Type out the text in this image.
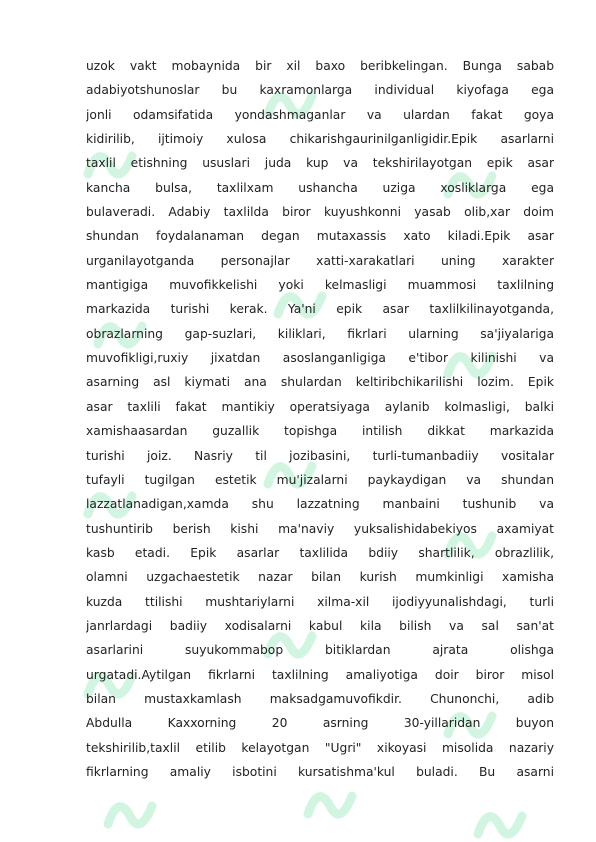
uzok vakt mobaynida bir xil baxo beribkelingan. Bunga sabab
adabiyotshunoslar bu kaxramonlarga individual kiyofaga ega
jonli odamsifatida yondashmaganlar va ulardan fakat goya
kidirilib, ijtimoiy xulosa chikarishgaurinilganligidir.Epik asarlarni
taxlil etishning ususlari juda kup va tekshirilayotgan epik asar
kancha bulsa, taxlilxam ushancha uziga xosliklarga ega
bulaveradi. Adabiy taxlilda biror kuyushkonni yasab olib,xar doim
shundan foydalanaman degan mutaxassis xato kiladi.Epik asar
urganilayotganda personajlar xatti-xarakatlari uning xarakter
mantigiga muvofikkelishi yoki kelmasligi muammosi taxlilning
markazida turishi kerak. Ya'ni epik asar taxlilkilinayotganda,
obrazlarning gap-suzlari, kiliklari, fikrlari ularning sa'jiyalariga
muvofikligi,ruxiy jixatdan asoslanganligiga e'tibor kilinishi va
asarning asl kiymati ana shulardan keltiribchikarilishi lozim. Epik
asar taxlili fakat mantikiy operatsiyaga aylanib kolmasligi, balki
xamishaasardan guzallik topishga intilish dikkat markazida
turishi joiz. Nasriy til jozibasini, turli-tumanbadiiy vositalar
tufayli tugilgan estetik mu'jizalarni paykaydigan va shundan
lazzatlanadigan,xamda shu lazzatning manbaini tushunib va
tushuntirib berish kishi ma'naviy yuksalishidabekiyos axamiyat
kasb etadi. Epik asarlar taxlilida bdiiy shartlilik, obrazlilik,
olamni uzgachaestetik nazar bilan kurish mumkinligi xamisha
kuzda ttilishi mushtariylarni xilma-xil ijodiyyunalishdagi, turli
janrlardagi badiiy xodisalarni kabul kila bilish va sal san'at
asarlarini suyukommabop bitiklardan ajrata olishga
urgatadi.Aytilgan fikrlarni taxlilning amaliyotiga doir biror misol
bilan mustaxkamlash maksadgamuvofikdir. Chunonchi, adib
Abdulla Kaxxorning 20 asrning 30-yillaridan buyon
tekshirilib,taxlil etilib kelayotgan "Ugri" xikoyasi misolida nazariy
fikrlarning amaliy isbotini kursatishma'kul buladi. Bu asarni
